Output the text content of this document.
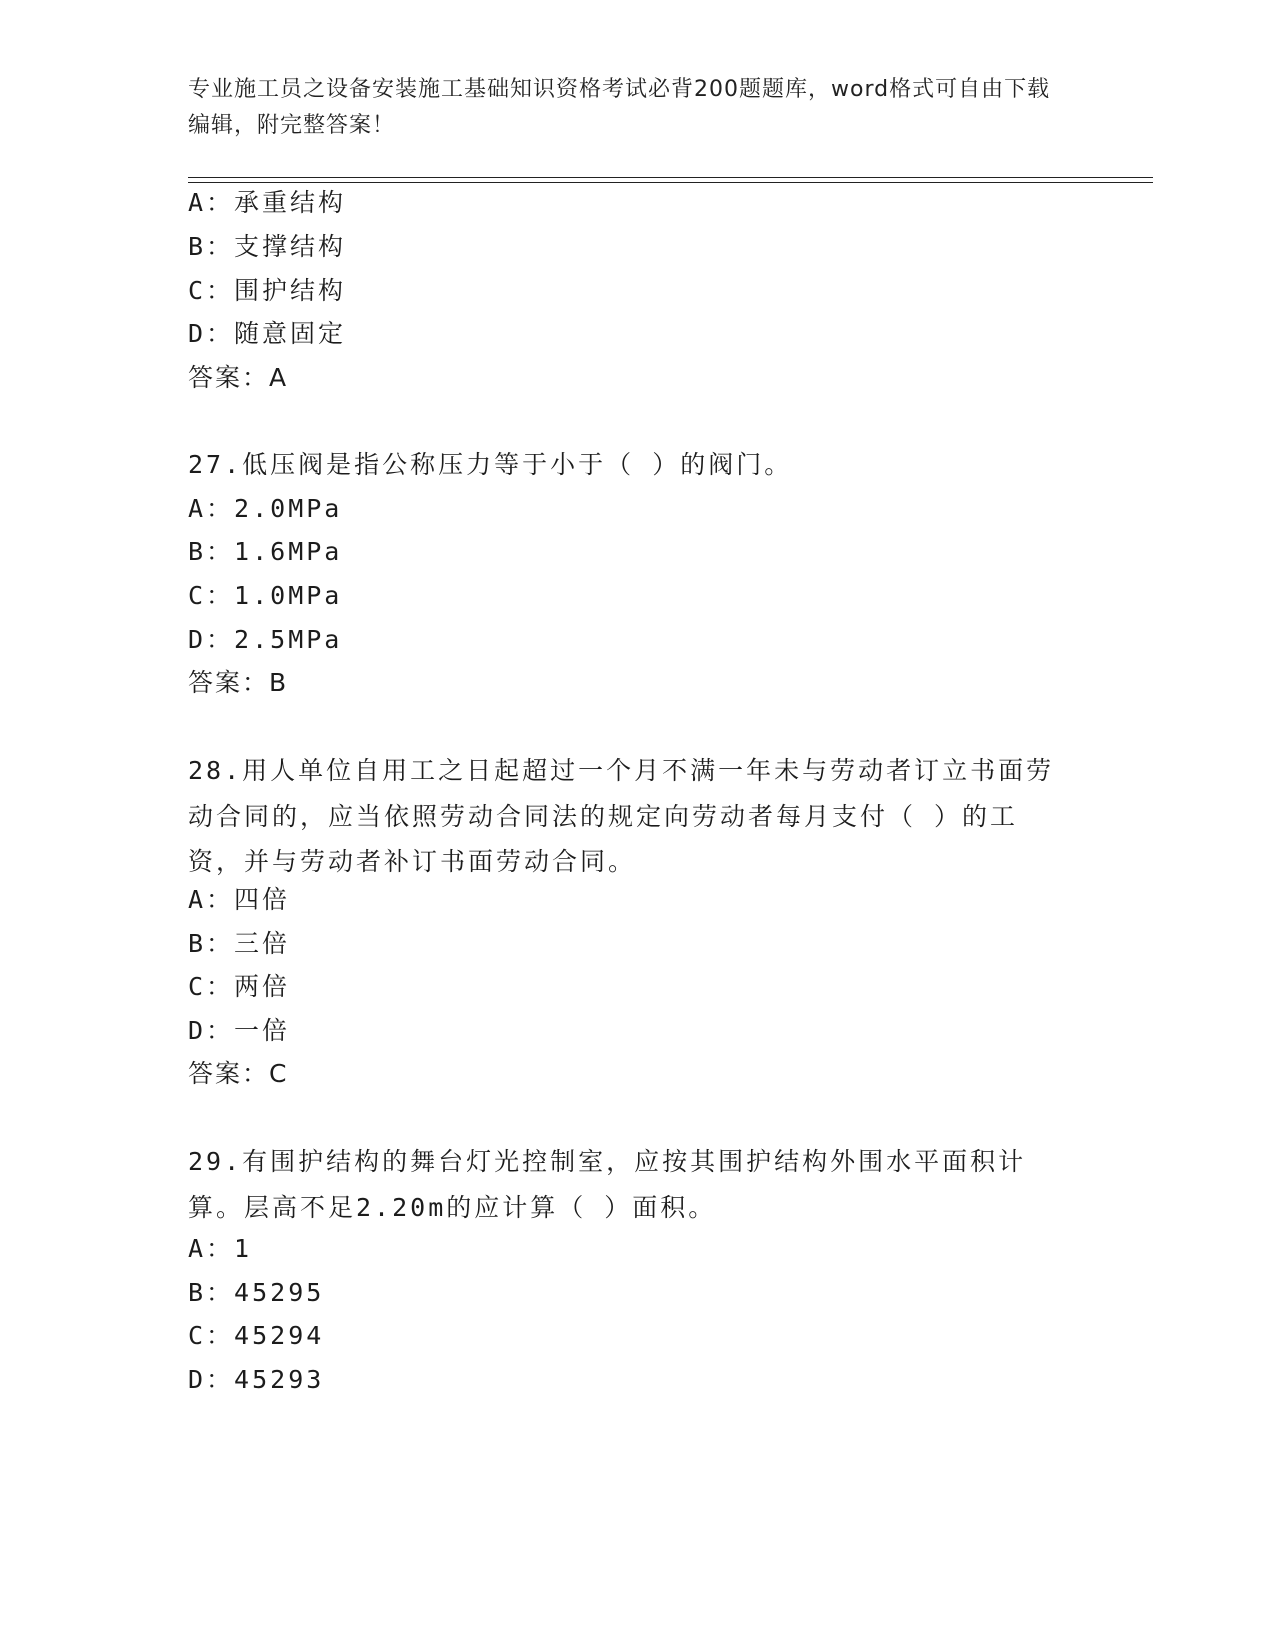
专业施工员之设备安装施工基础知识资格考试必背200题题库，word格式可自由下载编辑，附完整答案！
A：承重结构
B：支撑结构
C：围护结构
D：随意固定
答案：A
27.低压阀是指公称压力等于小于（ ）的阀门。
A：2.0MPa
B：1.6MPa
C：1.0MPa
D：2.5MPa
答案：B
28.用人单位自用工之日起超过一个月不满一年未与劳动者订立书面劳动合同的，应当依照劳动合同法的规定向劳动者每月支付（ ）的工资，并与劳动者补订书面劳动合同。
A：四倍
B：三倍
C：两倍
D：一倍
答案：C
29.有围护结构的舞台灯光控制室，应按其围护结构外围水平面积计算。层高不足2.20m的应计算（ ）面积。
A：1
B：45295
C：45294
D：45293
